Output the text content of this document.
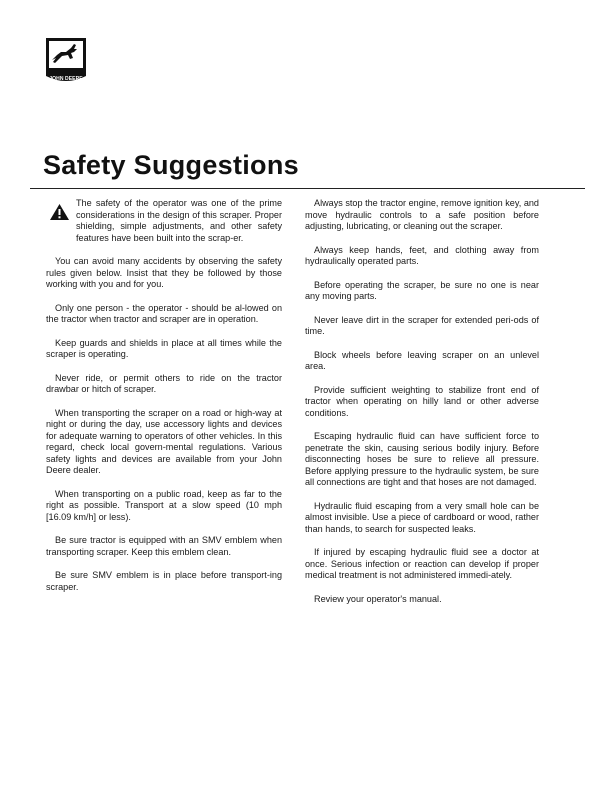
JOHN DEERE
Safety Suggestions

The safety of the operator was one of the prime considerations in the design of this scraper. Proper shielding, simple adjustments, and other safety features have been built into the scrap-er.

You can avoid many accidents by observing the safety rules given below. Insist that they be followed by those working with you and for you.

Only one person - the operator - should be al-lowed on the tractor when tractor and scraper are in operation.

Keep guards and shields in place at all times while the scraper is operating.

Never ride, or permit others to ride on the tractor drawbar or hitch of scraper.

When transporting the scraper on a road or high-way at night or during the day, use accessory lights and devices for adequate warning to operators of other vehicles. In this regard, check local govern-mental regulations. Various safety lights and devices are available from your John Deere dealer.

When transporting on a public road, keep as far to the right as possible. Transport at a slow speed (10 mph [16.09 km/h] or less).

Be sure tractor is equipped with an SMV emblem when transporting scraper. Keep this emblem clean.

Be sure SMV emblem is in place before transport-ing scraper.

Always stop the tractor engine, remove ignition key, and move hydraulic controls to a safe position before adjusting, lubricating, or cleaning out the scraper.

Always keep hands, feet, and clothing away from hydraulically operated parts.

Before operating the scraper, be sure no one is near any moving parts.

Never leave dirt in the scraper for extended peri-ods of time.

Block wheels before leaving scraper on an unlevel area.

Provide sufficient weighting to stabilize front end of tractor when operating on hilly land or other adverse conditions.

Escaping hydraulic fluid can have sufficient force to penetrate the skin, causing serious bodily injury. Before disconnecting hoses be sure to relieve all pressure. Before applying pressure to the hydraulic system, be sure all connections are tight and that hoses are not damaged.

Hydraulic fluid escaping from a very small hole can be almost invisible. Use a piece of cardboard or wood, rather than hands, to search for suspected leaks.

If injured by escaping hydraulic fluid see a doctor at once. Serious infection or reaction can develop if proper medical treatment is not administered immedi-ately.

Review your operator's manual.
